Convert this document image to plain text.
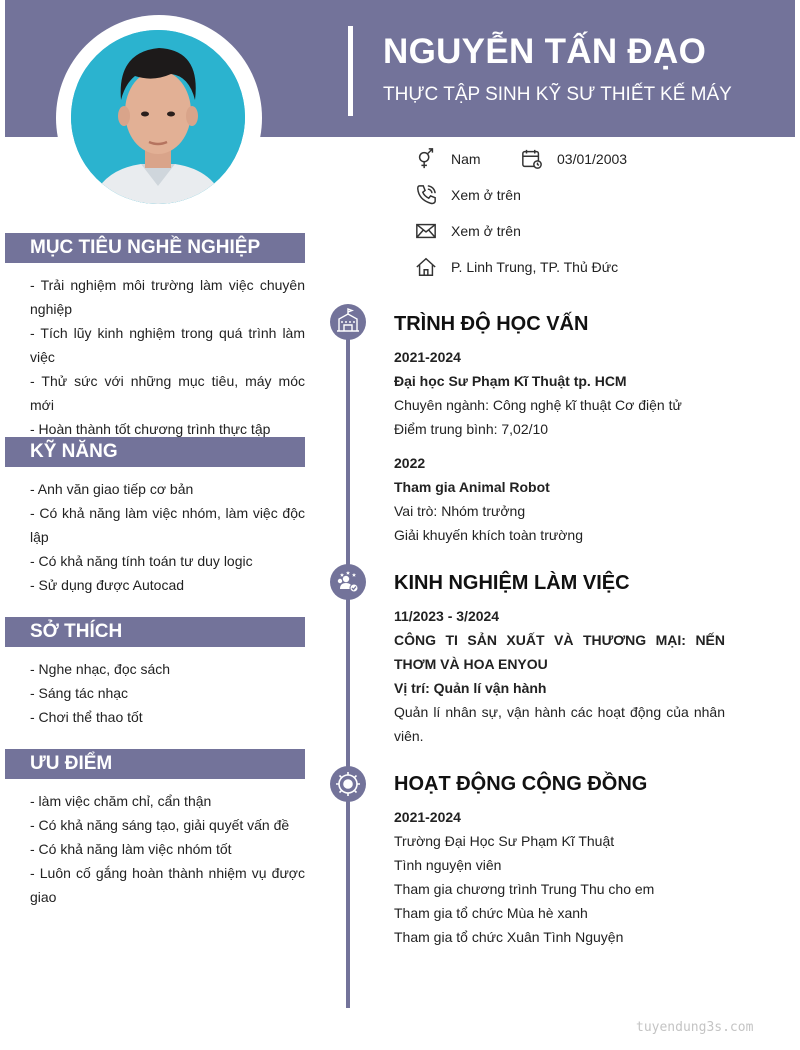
NGUYỄN TẤN ĐẠO
THỰC TẬP SINH KỸ SƯ THIẾT KẾ MÁY
Nam	03/01/2003
Xem ở trên
Xem ở trên
P. Linh Trung, TP. Thủ Đức
MỤC TIÊU NGHỀ NGHIỆP
- Trải nghiệm môi trường làm việc chuyên nghiệp
- Tích lũy kinh nghiệm trong quá trình làm việc
- Thử sức với những mục tiêu, máy móc mới
- Hoàn thành tốt chương trình thực tập
KỸ NĂNG
- Anh văn giao tiếp cơ bản
- Có khả năng làm việc nhóm, làm việc độc lập
- Có khả năng tính toán tư duy logic
- Sử dụng được Autocad
SỞ THÍCH
- Nghe nhạc, đọc sách
- Sáng tác nhạc
- Chơi thể thao tốt
ƯU ĐIỂM
- làm việc chăm chỉ, cẩn thận
- Có khả năng sáng tạo, giải quyết vấn đề
- Có khả năng làm việc nhóm tốt
- Luôn cố gắng hoàn thành nhiệm vụ được giao
TRÌNH ĐỘ HỌC VẤN
2021-2024
Đại học Sư Phạm Kĩ Thuật tp. HCM
Chuyên ngành: Công nghệ kĩ thuật Cơ điện tử
Điểm trung bình: 7,02/10
2022
Tham gia Animal Robot
Vai trò: Nhóm trưởng
Giải khuyến khích toàn trường
KINH NGHIỆM LÀM VIỆC
11/2023 - 3/2024
CÔNG TI SẢN XUẤT VÀ THƯƠNG MẠI: NẾN THƠM VÀ HOA ENYOU
Vị trí: Quản lí vận hành
Quản lí nhân sự, vận hành các hoạt động của nhân viên.
HOẠT ĐỘNG CỘNG ĐỒNG
2021-2024
Trường Đại Học Sư Phạm Kĩ Thuật
Tình nguyện viên
Tham gia chương trình Trung Thu cho em
Tham gia tổ chức Mùa hè xanh
Tham gia tổ chức Xuân Tình Nguyện
tuyendung3s.com
